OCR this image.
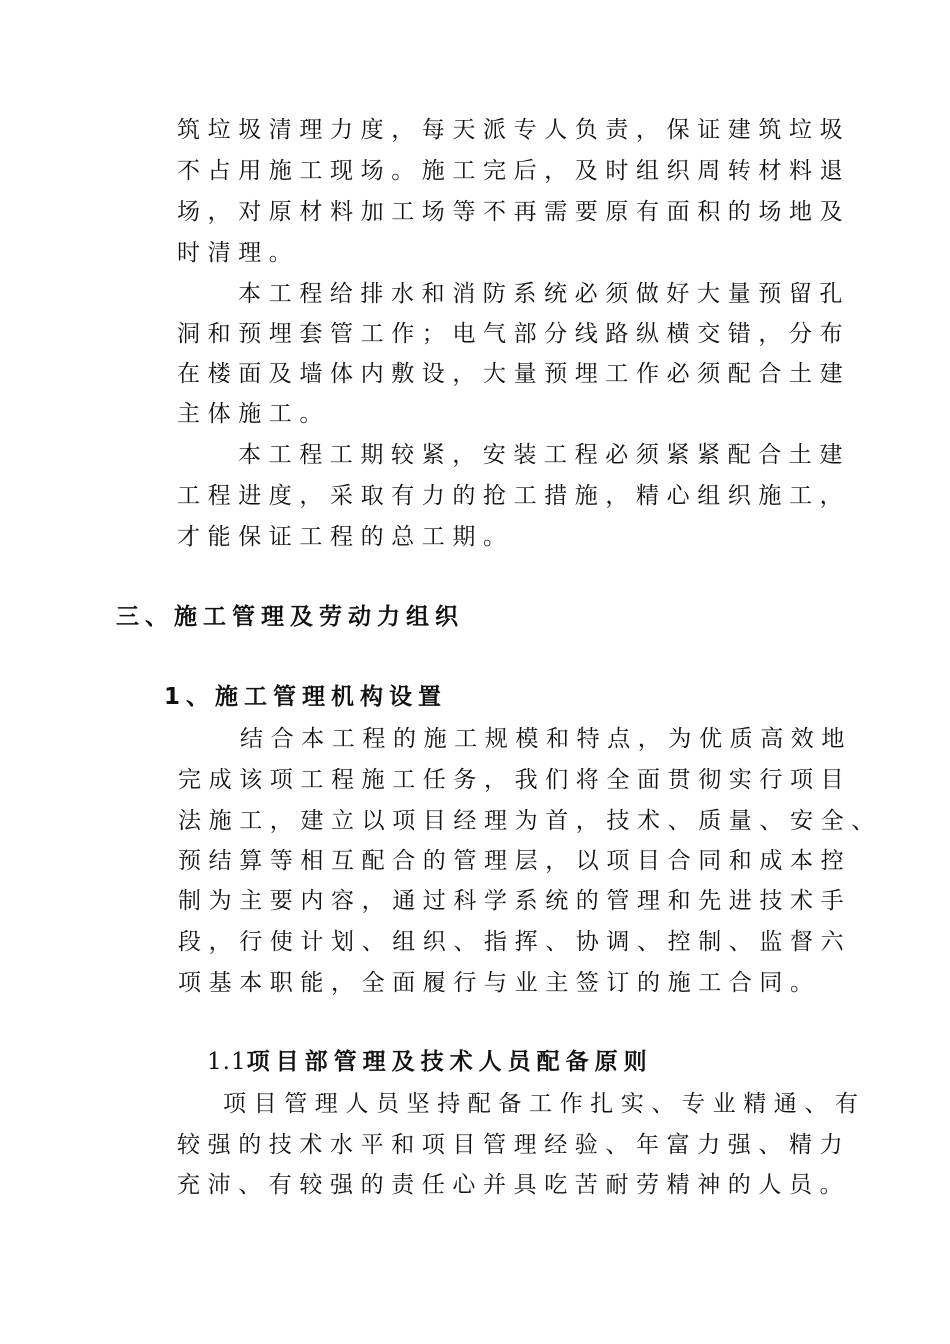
筑垃圾清理力度，每天派专人负责，保证建筑垃圾
不占用施工现场。施工完后，及时组织周转材料退
场，对原材料加工场等不再需要原有面积的场地及
时清理。
本工程给排水和消防系统必须做好大量预留孔
洞和预埋套管工作；电气部分线路纵横交错，分布
在楼面及墙体内敷设，大量预埋工作必须配合土建
主体施工。
本工程工期较紧，安装工程必须紧紧配合土建
工程进度，采取有力的抢工措施，精心组织施工，
才能保证工程的总工期。
三、施工管理及劳动力组织
1、施工管理机构设置
结合本工程的施工规模和特点，为优质高效地
完成该项工程施工任务，我们将全面贯彻实行项目
法施工，建立以项目经理为首，技术、质量、安全、
预结算等相互配合的管理层，以项目合同和成本控
制为主要内容，通过科学系统的管理和先进技术手
段，行使计划、组织、指挥、协调、控制、监督六
项基本职能，全面履行与业主签订的施工合同。
1.1项目部管理及技术人员配备原则
项目管理人员坚持配备工作扎实、专业精通、有
较强的技术水平和项目管理经验、年富力强、精力
充沛、有较强的责任心并具吃苦耐劳精神的人员。
